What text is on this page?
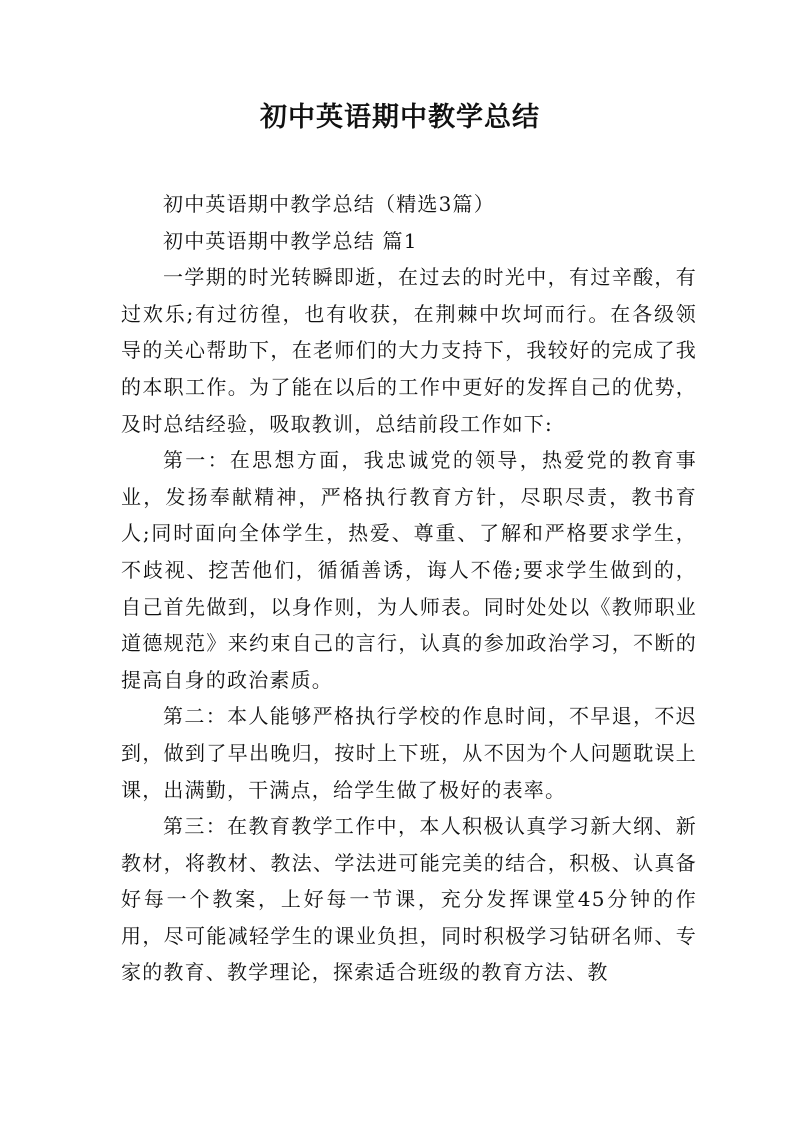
初中英语期中教学总结

初中英语期中教学总结（精选3篇）

初中英语期中教学总结 篇1

一学期的时光转瞬即逝，在过去的时光中，有过辛酸，有过欢乐;有过彷徨，也有收获，在荆棘中坎坷而行。在各级领导的关心帮助下，在老师们的大力支持下，我较好的完成了我的本职工作。为了能在以后的工作中更好的发挥自己的优势，及时总结经验，吸取教训，总结前段工作如下:

第一：在思想方面，我忠诚党的领导，热爱党的教育事业，发扬奉献精神，严格执行教育方针，尽职尽责，教书育人;同时面向全体学生，热爱、尊重、了解和严格要求学生，不歧视、挖苦他们，循循善诱，诲人不倦;要求学生做到的，自己首先做到，以身作则，为人师表。同时处处以《教师职业道德规范》来约束自己的言行，认真的参加政治学习，不断的提高自身的政治素质。

第二：本人能够严格执行学校的作息时间，不早退，不迟到，做到了早出晚归，按时上下班，从不因为个人问题耽误上课，出满勤，干满点，给学生做了极好的表率。

第三：在教育教学工作中，本人积极认真学习新大纲、新教材，将教材、教法、学法进可能完美的结合，积极、认真备好每一个教案，上好每一节课，充分发挥课堂45分钟的作用，尽可能减轻学生的课业负担，同时积极学习钻研名师、专家的教育、教学理论，探索适合班级的教育方法、教
